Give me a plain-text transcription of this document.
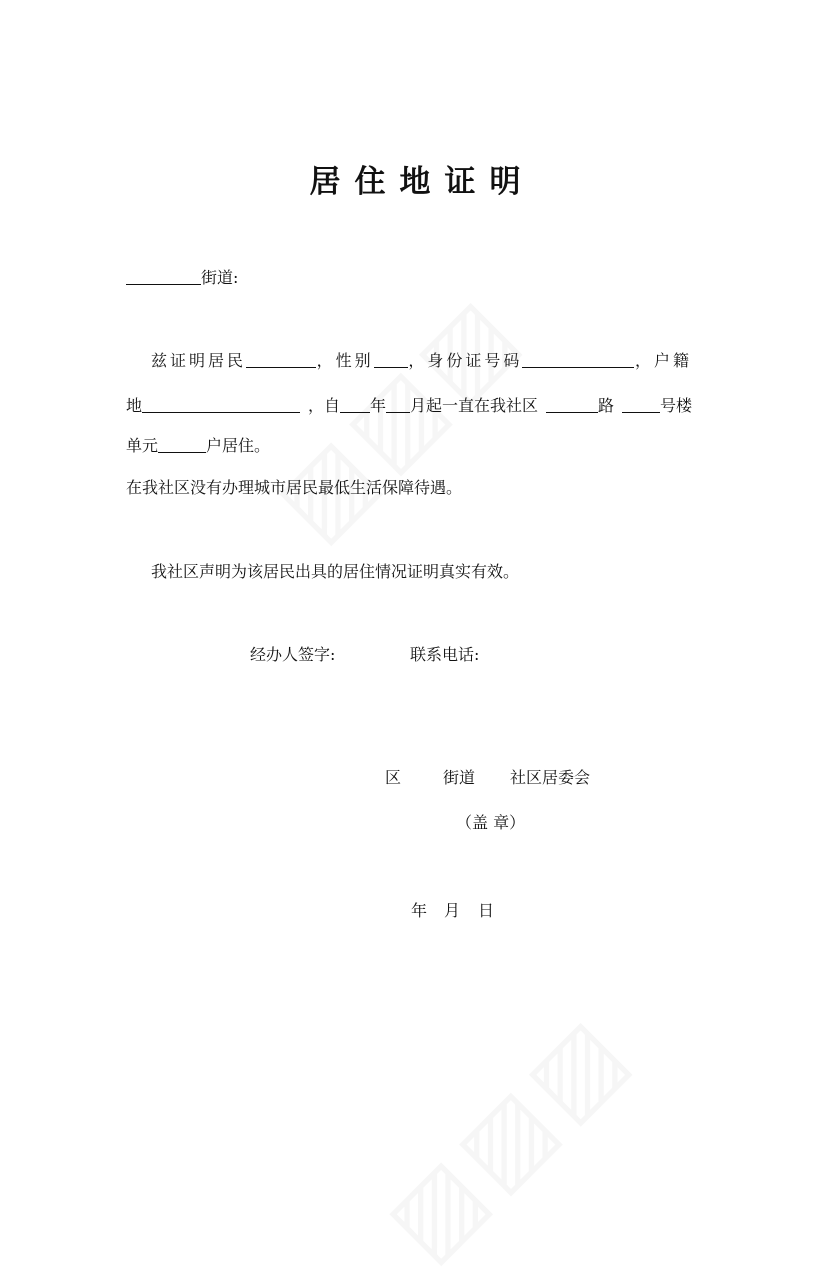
居住地证明
街道:
兹证明居民	，性别	，身份证号码	，户籍
地	，自 年 月起一直在我社区	路	号楼
单元	户居住。
在我社区没有办理城市居民最低生活保障待遇。
我社区声明为该居民出具的居住情况证明真实有效。
经办人签字:	联系电话:
区	街道 社区居委会
（盖 章）
年 月 日
